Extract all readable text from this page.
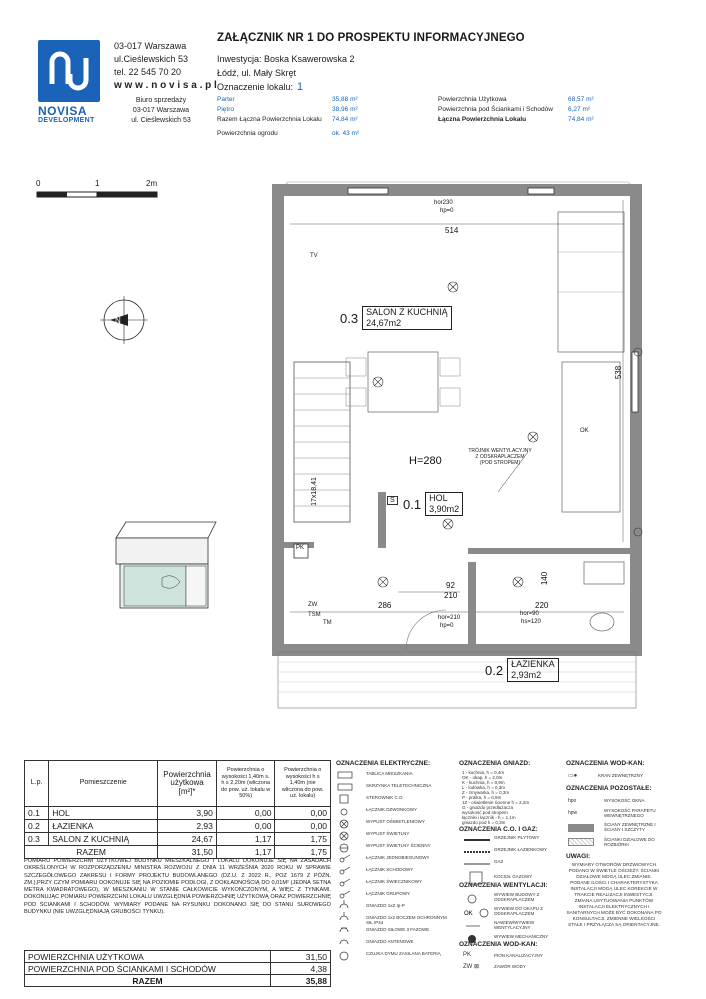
NOVISA
DEVELOPMENT
03-017 Warszawa
ul.Cieślewskich 53
tel. 22 545 70 20
w w w . n o v i s a . p l
Biuro sprzedaży
03-017 Warszawa
ul. Cieślewskich 53
ZAŁĄCZNIK NR 1 DO PROSPEKTU INFORMACYJNEGO
Inwestycja: Boska Ksawerowska 2
Łódź, ul. Mały Skręt
Oznaczenie lokalu: 1
Parter	35,88 m²
Piętro	38,96 m²
Razem Łączna Powierzchnia Lokalu 74,84 m²
Powierzchnia ogrodu	ok. 43 m²
Powierzchnia Użytkowa	68,57 m²
Powierzchnia pod Ściankami i Schodów 6,27 m²
Łączna Powierzchnia Lokalu	74,84 m²
0	1	2m
N
514
538
286	220
140
92
210
17x18,41
hor230
hp=0
hor=210
hp=0
hor=90
hs=120
H=280
0.3 SALON Z KUCHNIĄ
24,67m2
0.1 HOL
3,90m2
0.2 ŁAZIENKA
2,93m2
TRÓJNIK WENTYLACYJNY
Z ODSKRAPLACZEM
(POD STROPEM)
S
PK
ZW
TM
TSM
OK
TV
L.p.	Pomieszczenie	Powierzchnia użytkowa [m²]*	Powierzchnia o wysokości 1,40m s. h s 2,20m (wliczona do pow. uż. lokalu w 50%)	Powierzchnia o wysokości h s 1,40m (nie wliczona do pow. uż. lokalu)
0.1	HOL	3,90	0,00	0,00
0.2	ŁAZIENKA	2,93	0,00	0,00
0.3	SALON Z KUCHNIĄ	24,67	1,17	1,75
RAZEM		31,50	1,17	1,75
POMIARU POWIERZCHNI UŻYTKOWEJ BUDYNKU MIESZKALNEGO I LOKALU DOKONUJE SIĘ NA ZASADACH OKREŚLONYCH W ROZPORZĄDZENIU MINISTRA ROZWOJU Z DNIA 11 WRZEŚNIA 2020 ROKU W SPRAWIE SZCZEGÓŁOWEGO ZAKRESU I FORMY PROJEKTU BUDOWLANEGO (DZ.U. Z 2022 R., POZ 1679 Z PÓŹN. ZM.),PRZY CZYM POMIARU DOKONUJE SIĘ NA POZIOMIE PODŁOGI, Z DOKŁADNOŚCIĄ DO 0,01M² (JEDNA SETNA METRA KWADRATOWEGO), W MIESZKANIU W STANIE CAŁKOWICIE WYKOŃCZONYM, A WIĘC Z TYNKAMI. DOKONUJĄC POMIARU POWIERZCHNI LOKALU UWZGLĘDNIA POWIERZCHNIĘ UŻYTKOWĄ ORAZ POWIERZCHNIĘ POD ŚCIANKAMI I SCHODÓW. WYMIARY PODANE NA RYSUNKU DOKONANO SIĘ DO STANU SUROWEGO BUDYNKU (NIE UWZGLĘDNIAJĄ GRUBOŚCI TYNKU).
POWIERZCHNIA UŻYTKOWA	31,50
POWIERZCHNIA POD ŚCIANKAMI I SCHODÓW	4,38
RAZEM	35,88
OZNACZENIA ELEKTRYCZNE:
TABLICA MIESZKANIA
SKRZYNKA TELETECHNICZNA
STEROWNIK C.O.
ŁĄCZNIK DZWONKOWY
WYPUST OŚWIETLENIOWY
WYPUST ŚWIETLNY
WYPUST ŚWIETLNY ŚCIENNY
ŁĄCZNIK JEDNOBIEGUNOWY
ŁĄCZNIK SCHODOWY
ŁĄCZNIK ŚWIECZNIKOWY
ŁĄCZNIK GRUPOWY
GNIAZDO 1xZ Ip-P
GNIAZDO 1x2 BOCZEM OCHRONNYM SIŁ IP44
GNIAZDO SIŁOWE 3 FAZOWE
GNIAZDO ANTENOWE
CZUJKA DYMU ZASILANA BATERIĄ
OZNACZENIA GNIAZD:
1 - kuchnia, h = 0,4m
OK - okap, h = 2,0m
K - kuchnia, h = 0,9m
L - lodówka, h = 0,3m
Z - zmywarka, h = 0,3m
P - pralka, h = 0,9m
1Z - oświetlenie ścienne h = 2,2m
G - gniazdo przedłużacza
wysokość pod stropem
łączniki i łącznik - h = 1,1m
gniazdo pod h = 0,3m
OZNACZENIA C.O. I GAZ:
GRZEJNIK PŁYTOWY
GRZEJNIK ŁAZIENKOWY
GAZ
KOCIOŁ GAZOWY
OZNACZENIA WENTYLACJI:
OK
WYWIEW BUDOWY Z ODSKRAPLACZEM
WYWIEW DO OKAPU Z ODSKRAPLACZEM
NAWIEW/WYWIEW WENTYLACYJNY
WYWIEW MECHANICZNY
OZNACZENIA WOD-KAN:
PK
ZW ⊠
PION KANALIZACYJNY
ZAWÓR WODY
OZNACZENIA WOD-KAN:
▭●	KRAN ZEWNĘTRZNY
OZNACZENIA POZOSTAŁE:
hpo	WYSOKOŚĆ OKNA
hpw	WYSOKOŚĆ PARAPETU WEWNĘTRZNEGO
ŚCIANY ZEWNĘTRZNE I ŚCIANY I SZCZYTY
ŚCIANKI DZIAŁOWE DO ROZBIÓRKI
UWAGI:
WYMIARY OTWORÓW DRZWIOWYCH PODANO W ŚWIETLE OŚCIEŻY. ŚCIANKI DZIAŁOWE MOGĄ ULEC ZMIANIE. PODANE ILOŚCI I CHARAKTERYSTYKA INSTALACJI MOGĄ ULEC KOREKCIE W TRAKCIE REALIZACJI INWESTYCJI. ZMIANA USYTUOWANIA PUNKTÓW INSTALACJI ELEKTRYCZNYCH I SANITARNYCH MOŻE BYĆ DOKONANA PO KONSULTACJI. ZMIENNE WIELKOŚCI STAŁE I PRZYŁĄCZA SĄ ORIENTACYJNE.
